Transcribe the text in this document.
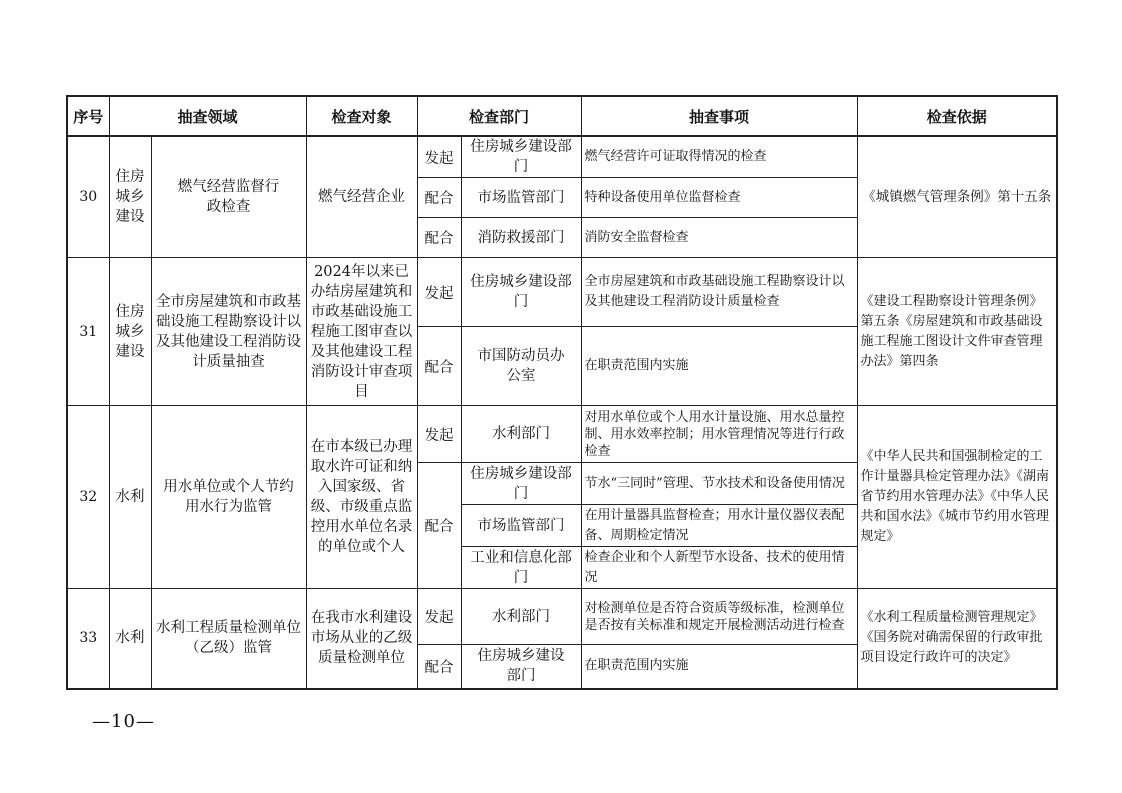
序号	抽查领域		检查对象	检查部门		抽查事项	检查依据
30	住房城乡建设	燃气经营监督行政检查	燃气经营企业	发起	住房城乡建设部门	燃气经营许可证取得情况的检查	《城镇燃气管理条例》第十五条
				配合	市场监管部门	特种设备使用单位监督检查	
				配合	消防救援部门	消防安全监督检查	
31	住房城乡建设	全市房屋建筑和市政基础设施工程勘察设计以及其他建设工程消防设计质量抽查	2024年以来已办结房屋建筑和市政基础设施工程施工图审查以及其他建设工程消防设计审查项目	发起	住房城乡建设部门	全市房屋建筑和市政基础设施工程勘察设计以及其他建设工程消防设计质量检查	《建设工程勘察设计管理条例》第五条《房屋建筑和市政基础设施工程施工图设计文件审查管理办法》第四条
				配合	市国防动员办公室	在职责范围内实施	
32	水利	用水单位或个人节约用水行为监管	在市本级已办理取水许可证和纳入国家级、省级、市级重点监控用水单位名录的单位或个人	发起	水利部门	对用水单位或个人用水计量设施、用水总量控制、用水效率控制；用水管理情况等进行行政检查	《中华人民共和国强制检定的工作计量器具检定管理办法》《湖南省节约用水管理办法》《中华人民共和国水法》《城市节约用水管理规定》
				配合	住房城乡建设部门	节水“三同时”管理、节水技术和设备使用情况	
					市场监管部门	在用计量器具监督检查；用水计量仪器仪表配备、周期检定情况	
					工业和信息化部门	检查企业和个人新型节水设备、技术的使用情况	
33	水利	水利工程质量检测单位（乙级）监管	在我市水利建设市场从业的乙级质量检测单位	发起	水利部门	对检测单位是否符合资质等级标准，检测单位是否按有关标准和规定开展检测活动进行检查	《水利工程质量检测管理规定》《国务院对确需保留的行政审批项目设定行政许可的决定》
				配合	住房城乡建设部门	在职责范围内实施	
—10—
